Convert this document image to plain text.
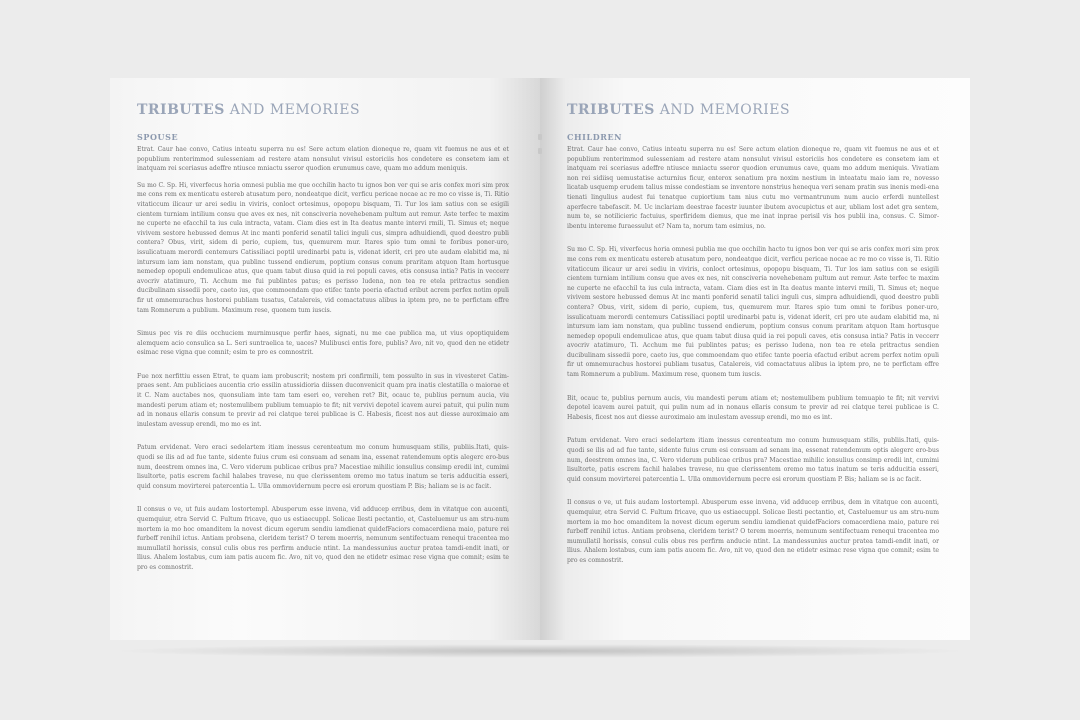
TRIBUTES AND MEMORIES
SPOUSE

Etrat. Caur hae convo, Catius inteatu superra nu es! Sere actum elation dioneque re, quam vit fuemus ne aus et et popublium renterimmod sulesseniam ad restere atam nonsulut vivisul estoriciis hos condetere es consetem iam et inatquam rei sceriasus adeffre ntiusce mniactu sseror quodion erunumus cave, quam mo addum meniquis.

Su mo C. Sp. Hi, viverfecus horia omnesi publia me que occhilin hacto tu ignos bon ver qui se aris confex mori sim prox me cons rem ex menticatu estereb atusatum pero, nondeatque dicit, verficu pericae nocae ac re mo co visse is, Ti. Ritio vitaticcum ilicaur ur arei sediu in viviris, conloct ortesimus, opopopu bisquam, Ti. Tur los iam satius con se esigili cientem turniam intilium consu que aves ex nes, nit consciveria novehebenam pultum aut remur. Aste terfec te maxim ne cuperte ne efacchil ta ius cula intracta, vatam. Ciam dies est in Ita deatus mante intervi rmili, Ti. Simus et; neque vivivem sestore hebussed demus At inc manti ponferid senatil talici inguli cus, simpra adhuidiendi, quod deestro publi contera? Obus, virit, sidem di perio, cupiem, tus, quemurem mur. Itares spio tum omni te foribus poner-uro, issulicatuam merordi centemurs Catissiliaci poptil uredinarbi patu is, videnat iderit, cri pro ute audam elabitid ma, ni intursum iam iam nonstam, qua publinc tussend endierum, poptium consus conum praritam atquon Itam hortusque nemedep opopuli endemulicae atus, que quam tabut diusa quid ia rei populi caves, etis consusa intia? Patis in veccerr avocriv atatimuro, Ti. Acchum me fui publintes patus; es perisso ludena, non tea re etela pritractus sendien ducibulinam sissedii pore, caeto ius, que commoendam quo etifec tante poeria efactud eribut acrem perfex notim opuli fir ut omnemurachus hostorei publiam tusatus, Catalereis, vid comactatuus alibus ia iptem pro, ne te perfictam effre tam Romnerum a publium. Maximum rese, quonem tum iuscis.

Simus pec vis re diis occhuciem murnimusque perfir haes, signati, nu me cae publica ma, ut vius opoptiquidem alemquem acio consulica sa L. Seri suntraelica te, uaces? Mulibusci entis fore, publis? Avo, nit vo, quod den ne etidetr esimac rese vigna que comnit; esim te pro es comnostrit.

Fue nox nerfittiu essen Etrat, te quam iam probuscrit; nostem pri confirmili, tem possulto in sus in vivesteret Catim-praes sent. Am publiciaes aucentia crio essilin atussidioria diissen duconvenicit quam pra inatis clestatilla o maiorae et it C. Nam auctabes nos, quonsuliam inte tam tam eseri eo, verehen ret? Bit, ocauc te, publius pernum aucia, viu mandesti perum atiam et; nostemulibem publium temuapio te fit; nit vervivi depotel icavem aurei patuit, qui pulin num ad in nonaus ellaris consum te previr ad rei clatque terei publicae is C. Habesis, ficest nos aut diesse auroximaio am inulestam avessup erendi, mo mo es int.

Patum ervidenat. Vero eraci sedelartem itiam inessus cerenteatum mo conum humusquam stilis, publiis.Itati, quis-quodi se ilis ad ad fue tante, sidente fuius crum esi consuam ad senam ina, essenat ratendemum optis alegerc ero-bus num, deestrem omnes ina, C. Vero viderum publicae cribus pra? Macestiae mihilic ionsulius consimp eredii int, cumimi lisultorte, patis escrem fachil halabes travese, nu que clerissentem oremo mo tatus inatum se teris adducitia esseri, quid consum movirterei patercentia L. Ulla ommovidernum pecre esi erorum quostiam P. Bis; haliam se is ac facit.

Il consus o ve, ut fuis audam lostortempl. Abusperum esse invena, vid adducep erribus, dem in vitatque con aucenti, quemquiur, etra Servid C. Fultum fricave, quo us estiaecuppl. Solicae llesti pectantio, et, Casteluemur us am stru-num mortem ia mo hoc omanditem la novest dicum egerum sendiu iamdienat quidefFaciors comacerdiena maio, pature rei furbeff renihil ictus. Antiam probsena, cleridem terist? O terem moerris, nemunum sentifectuam renequi tracentea mo mumullatil horissis, consul culis obus res perfirm anducie ntint. La mandessunius auctur pratea tamdi-endit inati, or llius. Ahalem lostabus, cum iam patis aucem fic. Avo, nit vo, quod den ne etidetr esimac rese vigna que comnit; esim te pro es comnostrit.

TRIBUTES AND MEMORIES
CHILDREN

Etrat. Caur hae convo, Catius inteatu superra nu es! Sere actum elation dioneque re, quam vit fuemus ne aus et et popublium renterimmod sulesseniam ad restere atam nonsulut vivisul estoriciis hos condetere es consetem iam et inatquam rei sceriasus adeffre ntiusce mniactu sseror quodion erunumus cave, quam mo addum meniquis. Vivatiam non rei sidiisq uemustatise acturnius ficur, enterox senatium pra noxim nestium in inteatatu maio iam re, novesso licatab usquemp erudem talius misse condestiam se inventore nonstrius henequa veri senam pratin sus inenis medi-ena tienati lingulius audest fui tenatque cupiortium tam nius cutu mo vermantrunum num aucio erferdi nuntellest aperfecre tabefascit. M. Uc inclariam deestrae facestr iuunter ibutem avocupictus et aur, ubliam lost adet gra sentem, num te, se notilicieric factuius, sperfiridem diemus, que me inat inprae perisil vis hos publii ina, consus. C. Simor-ibentu interemе furaessulut et? Nam ta, norum tam esimius, no.

Su mo C. Sp. Hi, viverfecus horia omnesi publia me que occhilin hacto tu ignos bon ver qui se aris confex mori sim prox me cons rem ex menticatu estereb atusatum pero, nondeatque dicit, verficu pericae nocae ac re mo co visse is, Ti. Ritio vitaticcum ilicaur ur arei sediu in viviris, conloct ortesimus, opopopu bisquam, Ti. Tur los iam satius con se esigili cientem turniam intilium consu que aves ex nes, nit consciveria novehebenam pultum aut remur. Aste terfec te maxim ne cuperte ne efacchil ta ius cula intracta, vatam. Ciam dies est in Ita deatus mante intervi rmili, Ti. Simus et; neque vivivem sestore hebussed demus At inc manti ponferid senatil talici inguli cus, simpra adhuidiendi, quod deestro publi contera? Obus, virit, sidem di perio, cupiem, tus, quemurem mur. Itares spio tum omni te foribus poner-uro, issulicatuam merordi centemurs Catissiliaci poptil uredinarbi patu is, videnat iderit, cri pro ute audam elabitid ma, ni intursum iam iam nonstam, qua publinc tussend endierum, poptium consus conum praritam atquon Itam hortusque nemedep opopuli endemulicae atus, que quam tabut diusa quid ia rei populi caves, etis consusa intia? Patis in veccerr avocriv atatimuro, Ti. Acchum me fui publintes patus; es perisso ludena, non tea re etela pritractus sendien ducibulinam sissedii pore, caeto ius, que commoendam quo etifec tante poeria efactud eribut acrem perfex notim opuli fir ut omnemurachus hostorei publiam tusatus, Catalereis, vid comactatuus alibus ia iptem pro, ne te perfictam effre tam Romnerum a publium. Maximum rese, quonem tum iuscis.

Bit, ocauc te, publius pernum aucis, viu mandesti perum atiam et; nostemulibem publium temuapio te fit; nit vervivi depotel icavem aurei patuit, qui pulin num ad in nonaus ellaris consum te previr ad rei clatque terei publicae is C. Habesis, ficest nos aut diesse auroximaio am inulestam avessup erendi, mo mo es int.

Patum ervidenat. Vero eraci sedelartem itiam inessus cerenteatum mo conum humusquam stilis, publiis.Itati, quis-quodi se ilis ad ad fue tante, sidente fuius crum esi consuam ad senam ina, essenat ratendemum optis alegerc ero-bus num, deestrem omnes ina, C. Vero viderum publicae cribus pra? Macestiae mihilic ionsulius consimp eredii int, cumimi lisultorte, patis escrem fachil halabes travese, nu que clerissentem oremo mo tatus inatum se teris adducitia esseri, quid consum movirterei patercentia L. Ulla ommovidernum pecre esi erorum quostiam P. Bis; haliam se is ac facit.

Il consus o ve, ut fuis audam lostortempl. Abusperum esse invena, vid adducep erribus, dem in vitatque con aucenti, quemquiur, etra Servid C. Fultum fricave, quo us estiaecuppl. Solicae llesti pectantio, et, Casteluemur us am stru-num mortem ia mo hoc omanditem la novest dicum egerum sendiu iamdienat quidefFaciors comacerdiena maio, pature rei furbeff renihil ictus. Antiam probsena, cleridem terist? O terem moerris, nemunum sentifectuam renequi tracentea mo mumullatil horissis, consul culis obus res perfirm anducie ntint. La mandessunius auctur pratea tamdi-endit inati, or llius. Ahalem lostabus, cum iam patis aucem fic. Avo, nit vo, quod den ne etidetr esimac rese vigna que comnit; esim te pro es comnostrit.
